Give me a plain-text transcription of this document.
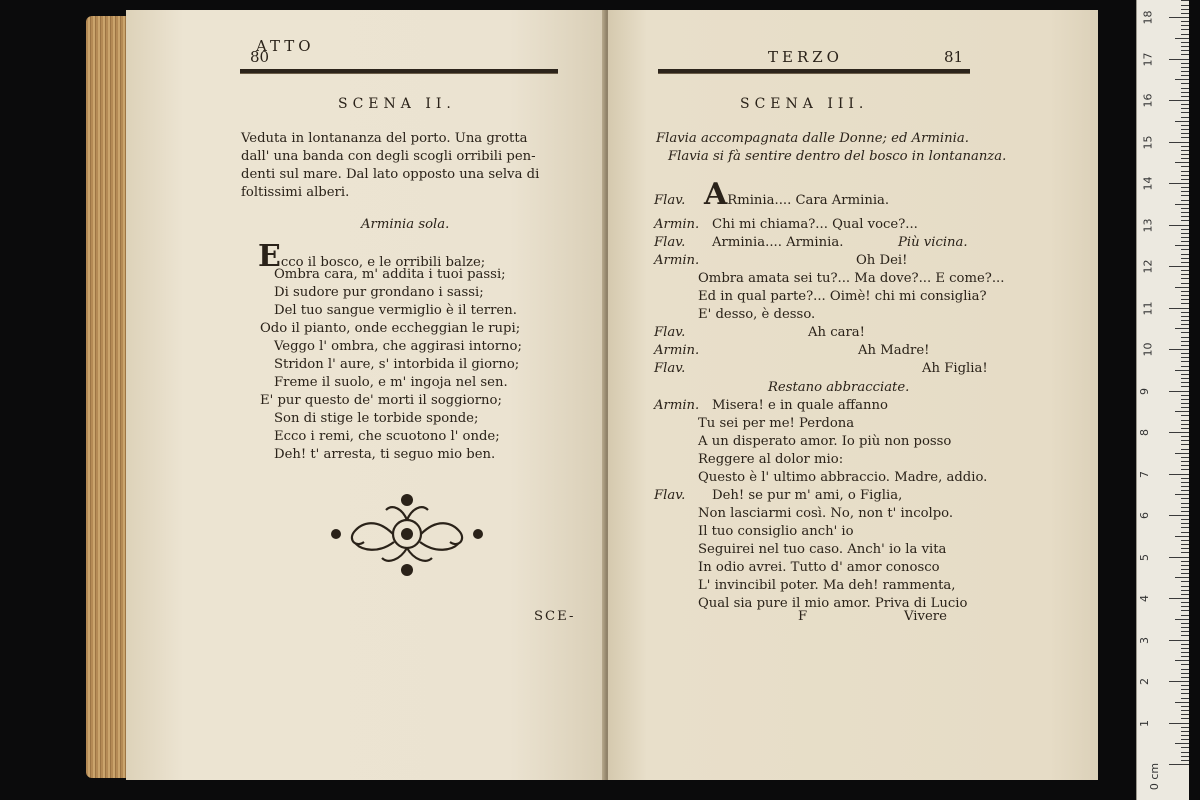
ATTO
SCENA II.
Veduta in lontananza del porto. Una grotta
dall' una banda con degli scogli orribili pen-
denti sul mare. Dal lato opposto una selva di
foltissimi alberi.
Arminia sola.
Ecco il bosco, e le orribili balze;
Ombra cara, m' addita i tuoi passi;
Di sudore pur grondano i sassi;
Del tuo sangue vermiglio è il terren.
Odo il pianto, onde eccheggian le rupi;
Veggo l' ombra, che aggirasi intorno;
Stridon l' aure, s' intorbida il giorno;
Freme il suolo, e m' ingoja nel sen.
E' pur questo de' morti il soggiorno;
Son di stige le torbide sponde;
Ecco i remi, che scuotono l' onde;
Deh! t' arresta, ti seguo mio ben.
SCE-
TERZO	81
SCENA III.
Flavia accompagnata dalle Donne; ed Arminia.
Flavia si fà sentire dentro del bosco in lontananza.
Flav. ARminia.... Cara Arminia.
Armin. Chi mi chiama?... Qual voce?...
Flav. Arminia.... Arminia.	Più vicina.
Armin.	Oh Dei!
Ombra amata sei tu?... Ma dove?... E come?...
Ed in qual parte?... Oimè! chi mi consiglia?
E' desso, è desso.
Flav.	Ah cara!
Armin.	Ah Madre!
Flav.	Ah Figlia!
Restano abbracciate.
Armin. Misera! e in quale affanno
Tu sei per me! Perdona
A un disperato amor. Io più non posso
Reggere al dolor mio:
Questo è l' ultimo abbraccio. Madre, addio.
Flav. Deh! se pur m' ami, o Figlia,
Non lasciarmi così. No, non t' incolpo.
Il tuo consiglio anch' io
Seguirei nel tuo caso. Anch' io la vita
In odio avrei. Tutto d' amor conosco
L' invincibil poter. Ma deh! rammenta,
Qual sia pure il mio amor. Priva di Lucio
F	Vivere
80
1
2
3
4
5
6
7
8
9
10
11
12
13
14
15
16
17
18
0 cm
